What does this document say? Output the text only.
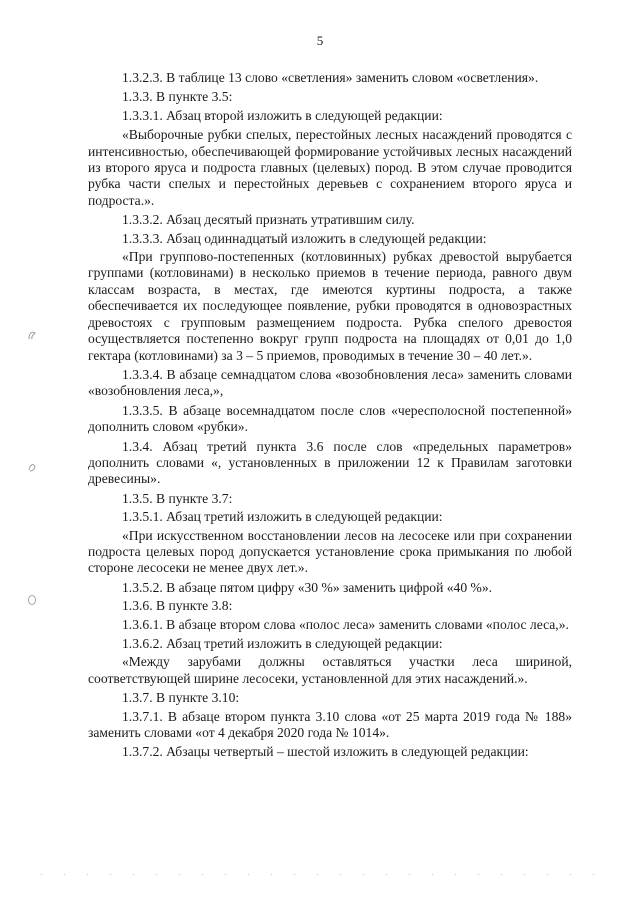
5

1.3.2.3. В таблице 13 слово «светления» заменить словом «осветления».

1.3.3. В пункте 3.5:

1.3.3.1. Абзац второй изложить в следующей редакции:

«Выборочные рубки спелых, перестойных лесных насаждений проводятся с интенсивностью, обеспечивающей формирование устойчивых лесных насаждений из второго яруса и подроста главных (целевых) пород. В этом случае проводится рубка части спелых и перестойных деревьев с сохранением второго яруса и подроста.».

1.3.3.2. Абзац десятый признать утратившим силу.

1.3.3.3. Абзац одиннадцатый изложить в следующей редакции:

«При группово-постепенных (котловинных) рубках древостой вырубается группами (котловинами) в несколько приемов в течение периода, равного двум классам возраста, в местах, где имеются куртины подроста, а также обеспечивается их последующее появление, рубки проводятся в одновозрастных древостоях с групповым размещением подроста. Рубка спелого древостоя осуществляется постепенно вокруг групп подроста на площадях от 0,01 до 1,0 гектара (котловинами) за 3 – 5 приемов, проводимых в течение 30 – 40 лет.».

1.3.3.4. В абзаце семнадцатом слова «возобновления леса» заменить словами «возобновления леса,»,

1.3.3.5. В абзаце восемнадцатом после слов «чересполосной постепенной» дополнить словом «рубки».

1.3.4. Абзац третий пункта 3.6 после слов «предельных параметров» дополнить словами «, установленных в приложении 12 к Правилам заготовки древесины».

1.3.5. В пункте 3.7:

1.3.5.1. Абзац третий изложить в следующей редакции:

«При искусственном восстановлении лесов на лесосеке или при сохранении подроста целевых пород допускается установление срока примыкания по любой стороне лесосеки не менее двух лет.».

1.3.5.2. В абзаце пятом цифру «30 %» заменить цифрой «40 %».

1.3.6. В пункте 3.8:

1.3.6.1. В абзаце втором слова «полос леса» заменить словами «полос леса,».

1.3.6.2. Абзац третий изложить в следующей редакции:

«Между зарубами должны оставляться участки леса шириной, соответствующей ширине лесосеки, установленной для этих насаждений.».

1.3.7. В пункте 3.10:

1.3.7.1. В абзаце втором пункта 3.10 слова «от 25 марта 2019 года № 188» заменить словами «от 4 декабря 2020 года № 1014».

1.3.7.2. Абзацы четвертый – шестой изложить в следующей редакции:
